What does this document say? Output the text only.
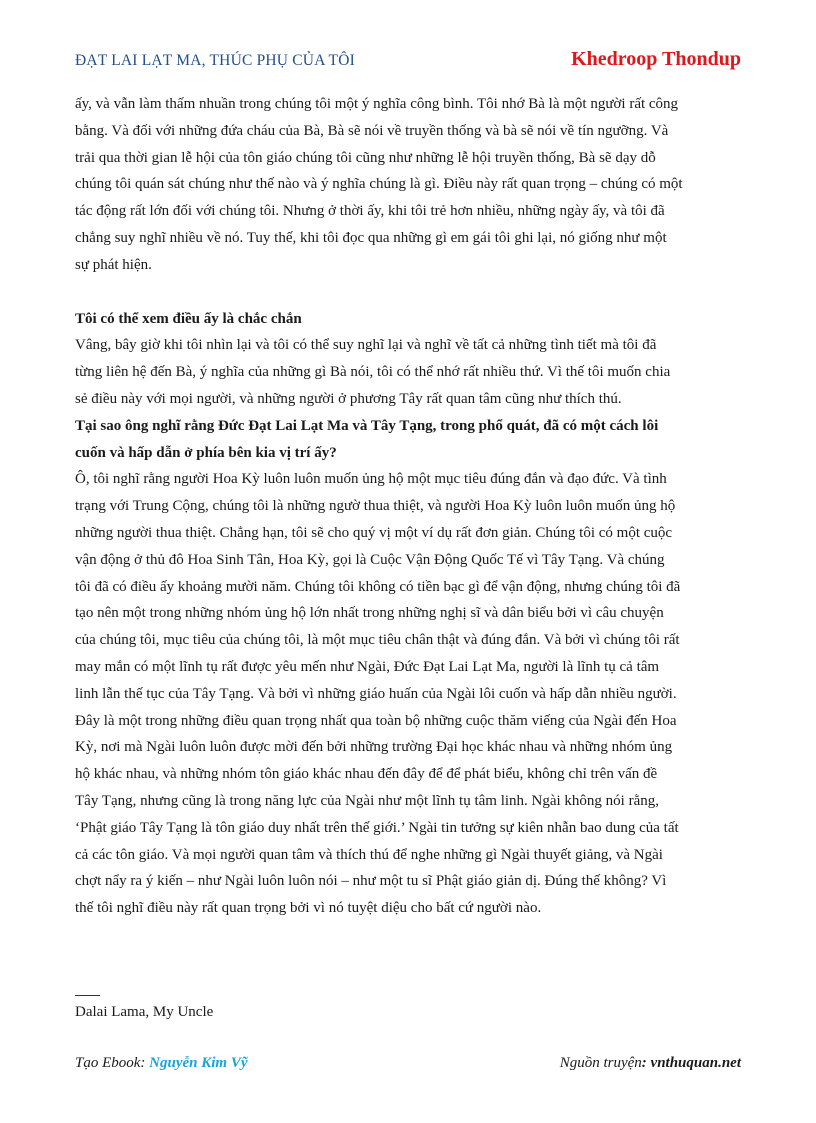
ĐẠT LAI LẠT MA, THÚC PHỤ CỦA TÔI	Khedroop Thondup

ấy, và vẫn làm thấm nhuần trong chúng tôi một ý nghĩa công bình. Tôi nhớ Bà là một người rất công

bằng. Và đối với những đứa cháu của Bà, Bà sẽ nói về truyền thống và bà sẽ nói về tín ngưỡng. Và

trải qua thời gian lễ hội của tôn giáo chúng tôi cũng như những lễ hội truyền thống, Bà sẽ dạy dỗ

chúng tôi quán sát chúng như thế nào và ý nghĩa chúng là gì. Điều này rất quan trọng – chúng có một

tác động rất lớn đối với chúng tôi. Nhưng ở thời ấy, khi tôi trẻ hơn nhiều, những ngày ấy, và tôi đã

chẳng suy nghĩ nhiều về nó. Tuy thế, khi tôi đọc qua những gì em gái tôi ghi lại, nó giống như một

sự phát hiện.

Tôi có thể xem điều ấy là chắc chắn

Vâng, bây giờ khi tôi nhìn lại và tôi có thể suy nghĩ lại và nghĩ về tất cả những tình tiết mà tôi đã

từng liên hệ đến Bà, ý nghĩa của những gì Bà nói, tôi có thể nhớ rất nhiều thứ. Vì thế tôi muốn chia

sẻ điều này với mọi người, và những người ở phương Tây rất quan tâm cũng như thích thú.

Tại sao ông nghĩ rằng Đức Đạt Lai Lạt Ma và Tây Tạng, trong phổ quát, đã có một cách lôi

cuốn và hấp dẫn ở phía bên kia vị trí ấy?

Ô, tôi nghĩ rằng người Hoa Kỳ luôn luôn muốn ủng hộ một mục tiêu đúng đắn và đạo đức. Và tình

trạng với Trung Cộng, chúng tôi là những ngườ thua thiệt, và người Hoa Kỳ luôn luôn muốn ủng hộ

những người thua thiệt. Chẳng hạn, tôi sẽ cho quý vị một ví dụ rất đơn giản. Chúng tôi có một cuộc

vận động ở thủ đô Hoa Sinh Tân, Hoa Kỳ, gọi là Cuộc Vận Động Quốc Tế vì Tây Tạng. Và chúng

tôi đã có điều ấy khoảng mười năm. Chúng tôi không có tiền bạc gì để vận động, nhưng chúng tôi đã

tạo nên một trong những nhóm ủng hộ lớn nhất trong những nghị sĩ và dân biểu bởi vì câu chuyện

của chúng tôi, mục tiêu của chúng tôi, là một mục tiêu chân thật và đúng đắn. Và bởi vì chúng tôi rất

may mắn có một lĩnh tụ rất được yêu mến như Ngài, Đức Đạt Lai Lạt Ma, người là lĩnh tụ cả tâm

linh lẫn thế tục của Tây Tạng. Và bởi vì những giáo huấn của Ngài lôi cuốn và hấp dẫn nhiều người.

Đây là một trong những điều quan trọng nhất qua toàn bộ những cuộc thăm viếng của Ngài đến Hoa

Kỳ, nơi mà Ngài luôn luôn được mời đến bởi những trường Đại học khác nhau và những nhóm ủng

hộ khác nhau, và những nhóm tôn giáo khác nhau đến đây để để phát biểu, không chỉ trên vấn đề

Tây Tạng, nhưng cũng là trong năng lực của Ngài như một lĩnh tụ tâm linh. Ngài không nói rằng,

‘Phật giáo Tây Tạng là tôn giáo duy nhất trên thế giới.’ Ngài tin tưởng sự kiên nhẫn bao dung của tất

cả các tôn giáo. Và mọi người quan tâm và thích thú để nghe những gì Ngài thuyết giảng, và Ngài

chợt nẩy ra ý kiến – như Ngài luôn luôn nói – như một tu sĩ Phật giáo giản dị. Đúng thế không? Vì

thế tôi nghĩ điều này rất quan trọng bởi vì nó tuyệt diệu cho bất cứ người nào.

Dalai Lama, My Uncle
Tạo Ebook: Nguyễn Kim Vỹ	Nguồn truyện: vnthuquan.net
